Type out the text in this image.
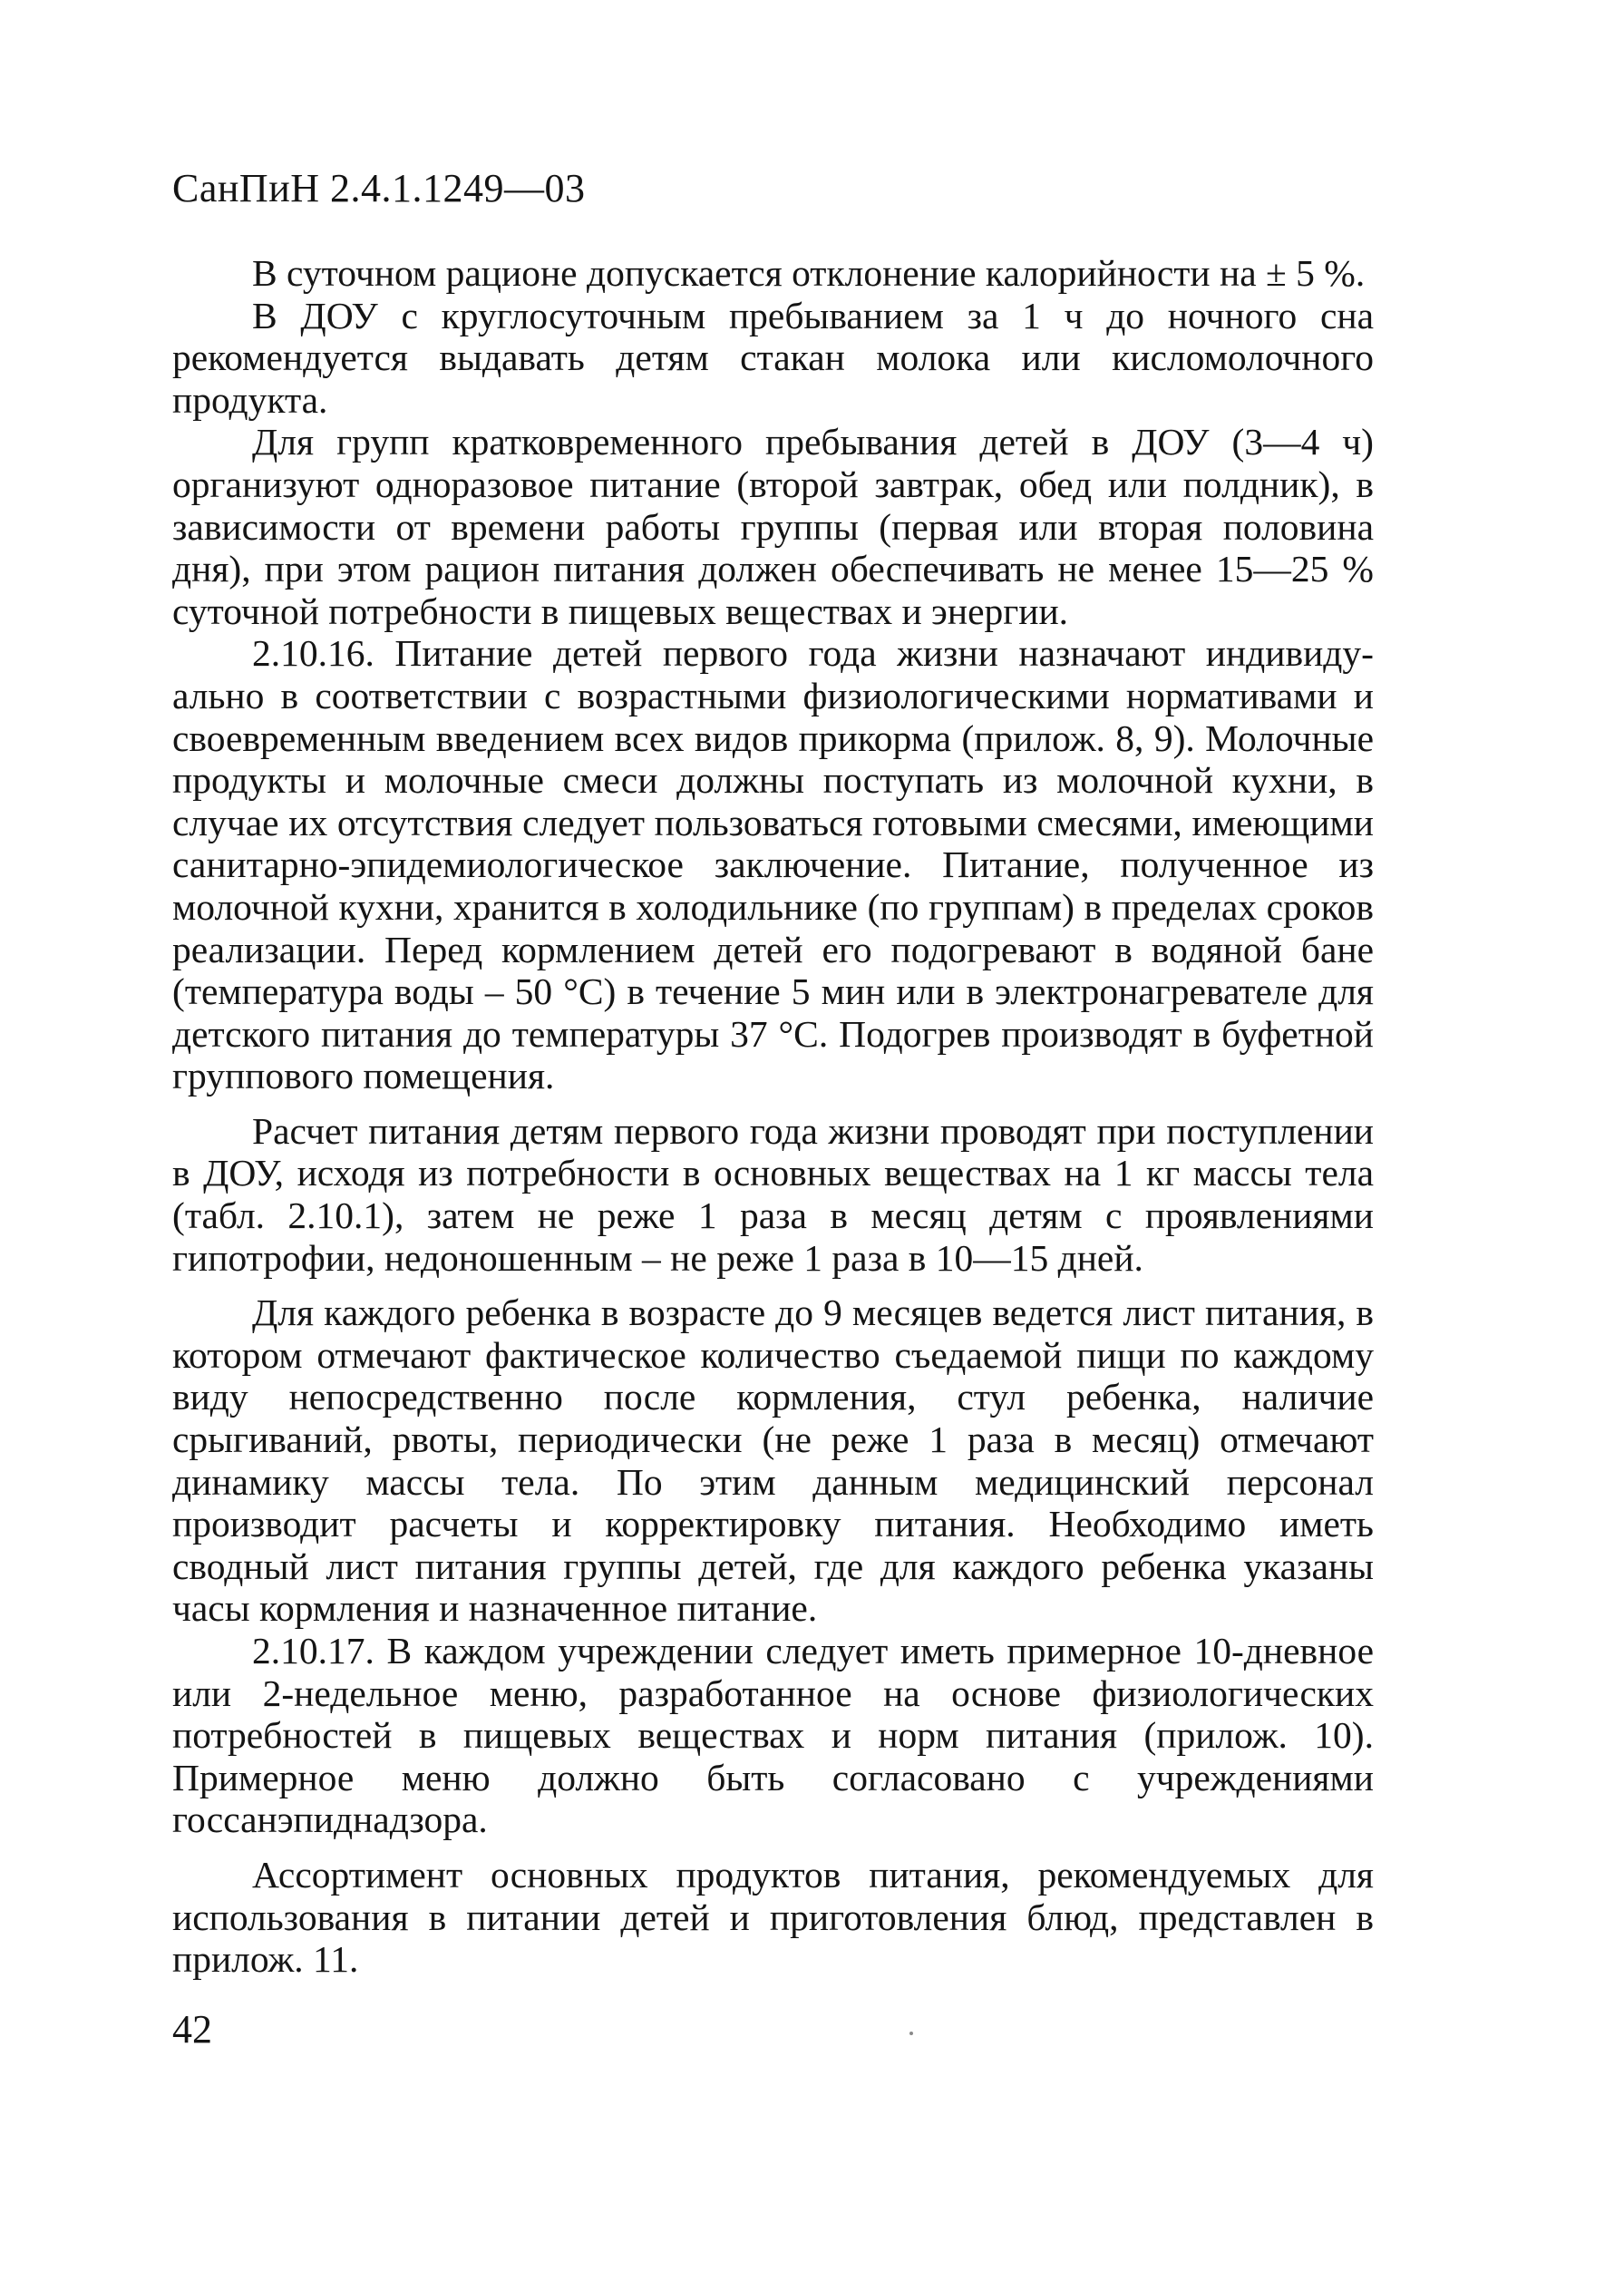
СанПиН 2.4.1.1249—03

В суточном рационе допускается отклонение калорийности на ± 5 %.

В ДОУ с круглосуточным пребыванием за 1 ч до ночного сна рекомендуется выдавать детям стакан молока или кисломолочного продукта.

Для групп кратковременного пребывания детей в ДОУ (3—4 ч) организуют одноразовое питание (второй завтрак, обед или полдник), в зависимости от времени работы группы (первая или вторая половина дня), при этом рацион питания должен обеспечивать не менее 15—25 % суточной потребности в пищевых веществах и энергии.

2.10.16. Питание детей первого года жизни назначают индивидуально в соответствии с возрастными физиологическими нормативами и своевременным введением всех видов прикорма (прилож. 8, 9). Молочные продукты и молочные смеси должны поступать из молочной кухни, в случае их отсутствия следует пользоваться готовыми смесями, имеющими санитарно-эпидемиологическое заключение. Питание, полученное из молочной кухни, хранится в холодильнике (по группам) в пределах сроков реализации. Перед кормлением детей его подогревают в водяной бане (температура воды – 50 °С) в течение 5 мин или в электронагревателе для детского питания до температуры 37 °С. Подогрев производят в буфетной группового помещения.

Расчет питания детям первого года жизни проводят при поступлении в ДОУ, исходя из потребности в основных веществах на 1 кг массы тела (табл. 2.10.1), затем не реже 1 раза в месяц детям с проявлениями гипотрофии, недоношенным – не реже 1 раза в 10—15 дней.

Для каждого ребенка в возрасте до 9 месяцев ведется лист питания, в котором отмечают фактическое количество съедаемой пищи по каждому виду непосредственно после кормления, стул ребенка, наличие срыгиваний, рвоты, периодически (не реже 1 раза в месяц) отмечают динамику массы тела. По этим данным медицинский персонал производит расчеты и корректировку питания. Необходимо иметь сводный лист питания группы детей, где для каждого ребенка указаны часы кормления и назначенное питание.

2.10.17. В каждом учреждении следует иметь примерное 10-дневное или 2-недельное меню, разработанное на основе физиологических потребностей в пищевых веществах и норм питания (прилож. 10). Примерное меню должно быть согласовано с учреждениями госсанэпиднадзора.

Ассортимент основных продуктов питания, рекомендуемых для использования в питании детей и приготовления блюд, представлен в прилож. 11.

42
